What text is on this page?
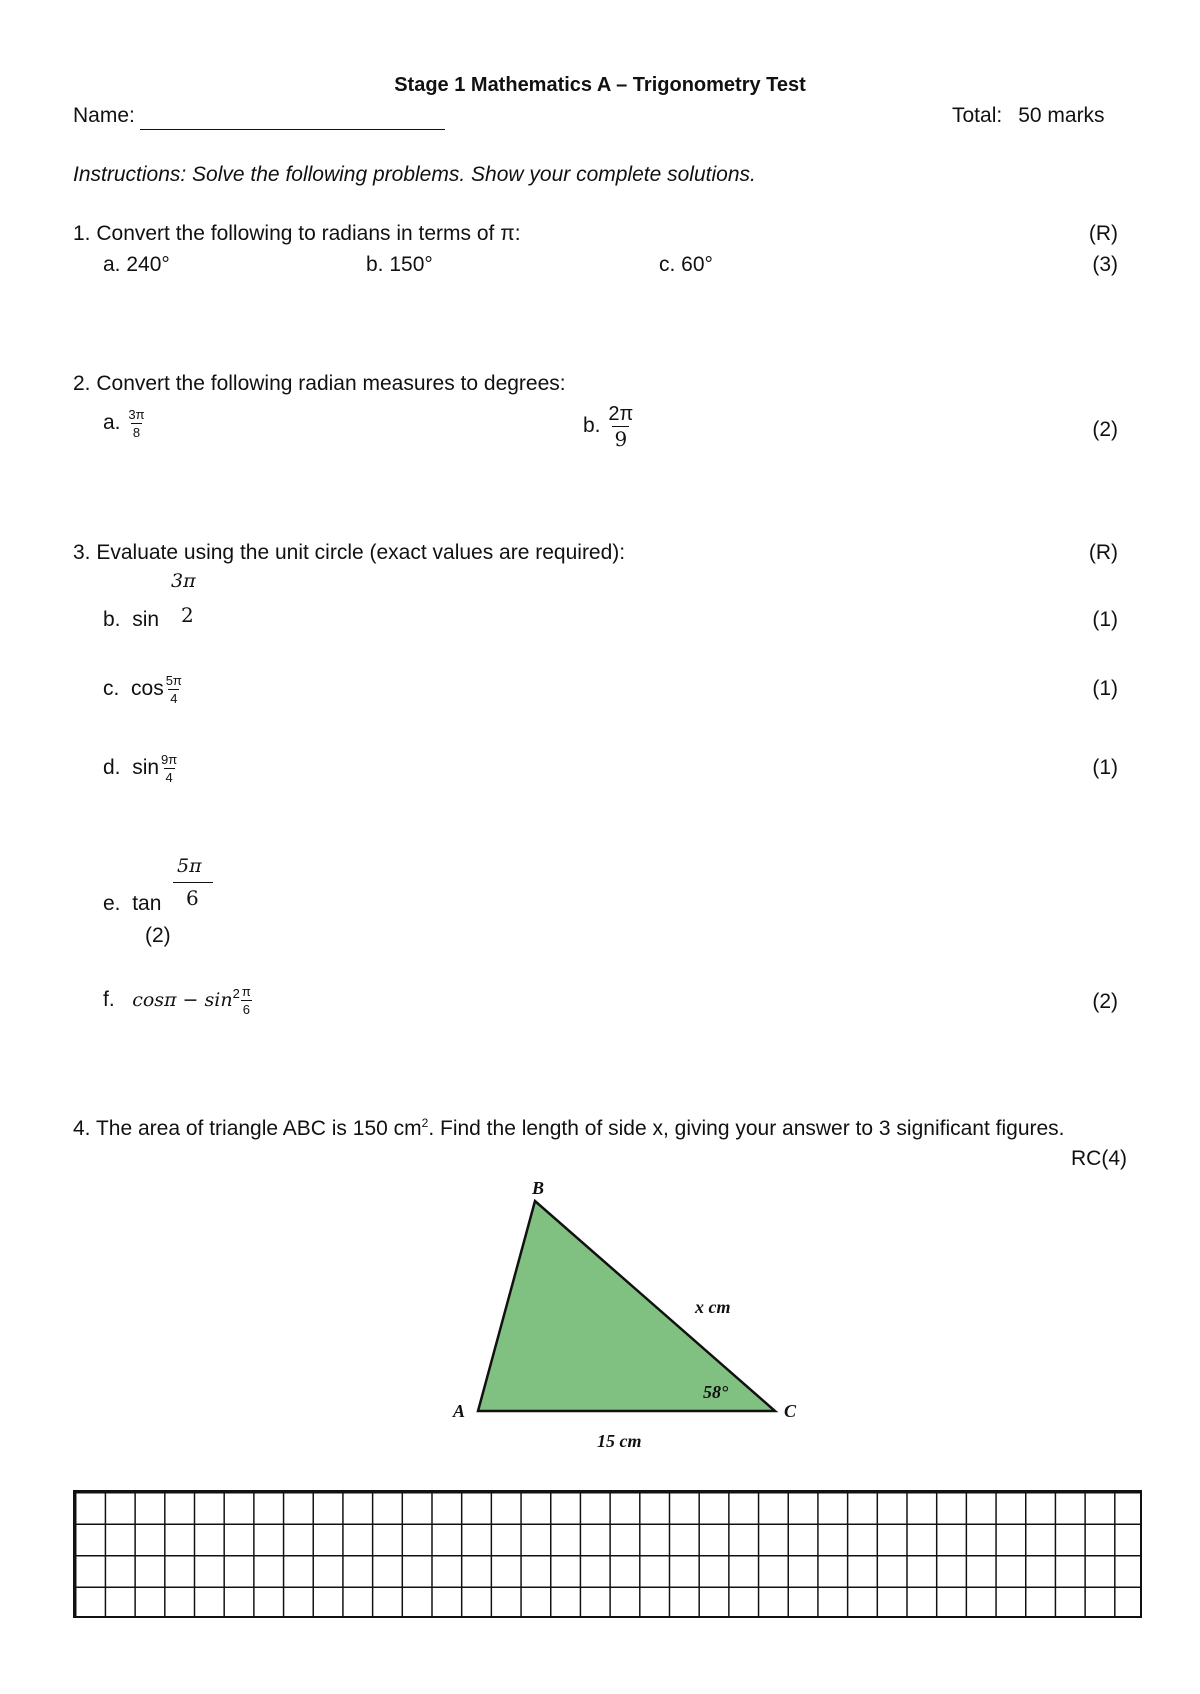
Stage 1 Mathematics A – Trigonometry Test
Name:	Total: 50 marks
Instructions: Solve the following problems. Show your complete solutions.
1. Convert the following to radians in terms of π:	(R)
a. 240°	b. 150°	c. 60°	(3)
2. Convert the following radian measures to degrees:
a. $\frac{3\pi}{8}$	b. $\frac{2\pi}{9}$	(2)
3. Evaluate using the unit circle (exact values are required):	(R)
b. sin
3π
2	(1)
c. $\cos \frac{5\pi}{4}$	(1)
d. $\sin \frac{9\pi}{4}$	(1)
e. tan
5π
6
(2)
f. $\cos\pi - \sin^2 \frac{\pi}{6}$	(2)
4. The area of triangle ABC is 150 $cm^2$. Find the length of side x, giving your answer to 3 significant figures.
RC(4)
B
A	C
x cm
58°
15 cm
